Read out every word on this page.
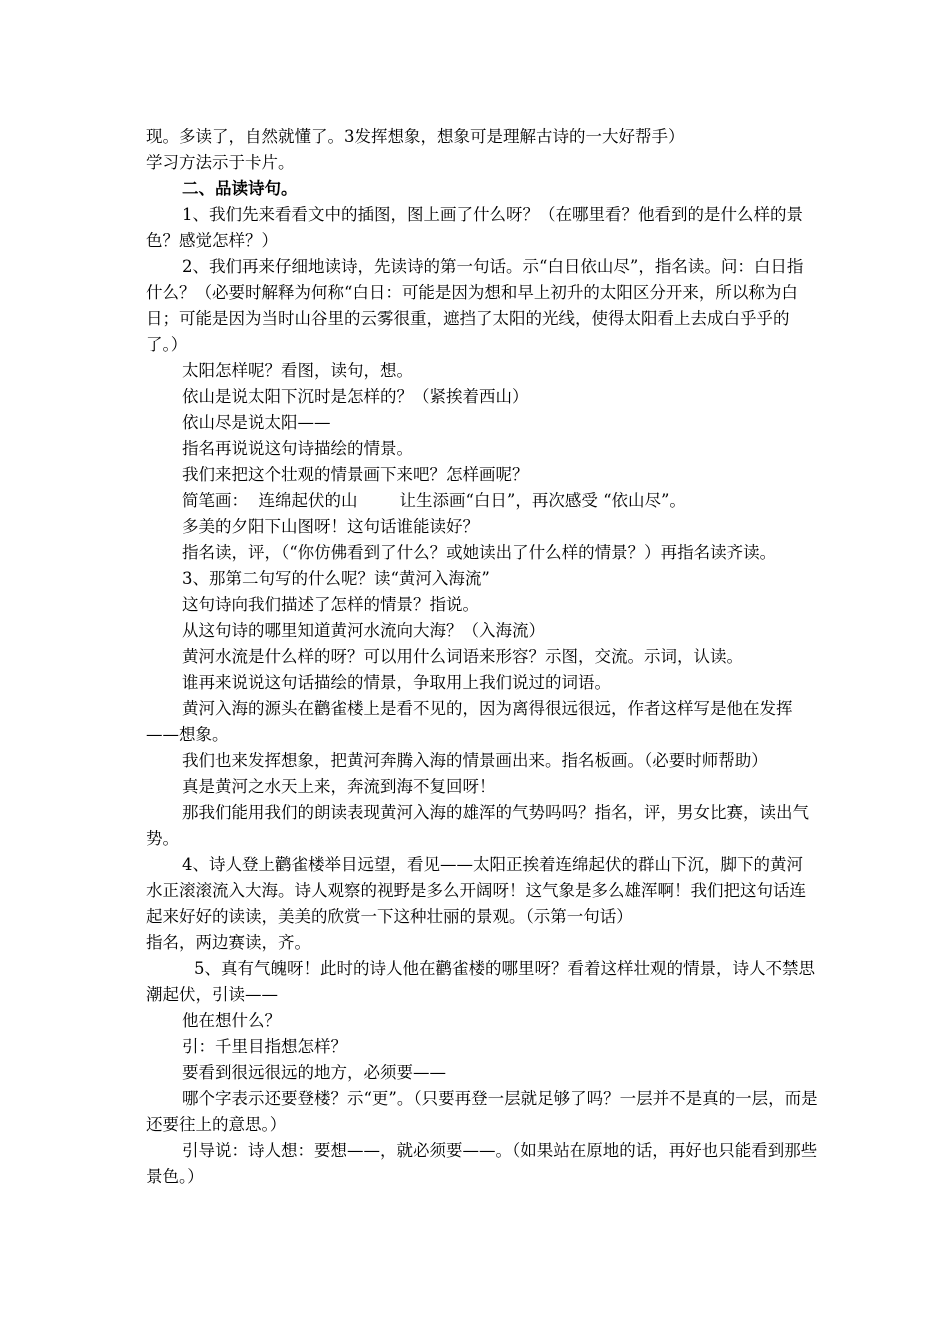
现。多读了，自然就懂了。3发挥想象，想象可是理解古诗的一大好帮手）

学习方法示于卡片。

二、品读诗句。

1、我们先来看看文中的插图，图上画了什么呀？（在哪里看？他看到的是什么样的景色？感觉怎样？）

2、我们再来仔细地读诗，先读诗的第一句话。示“白日依山尽”，指名读。问：白日指什么？（必要时解释为何称“白日：可能是因为想和早上初升的太阳区分开来，所以称为白日；可能是因为当时山谷里的云雾很重，遮挡了太阳的光线，使得太阳看上去成白乎乎的了。）

太阳怎样呢？看图，读句，想。

依山是说太阳下沉时是怎样的？（紧挨着西山）

依山尽是说太阳——

指名再说说这句诗描绘的情景。

我们来把这个壮观的情景画下来吧？怎样画呢？

简笔画：  连绵起伏的山        让生添画“白日”，再次感受 “依山尽”。

多美的夕阳下山图呀！这句话谁能读好？

指名读，评，（“你仿佛看到了什么？或她读出了什么样的情景？）再指名读齐读。

3、那第二句写的什么呢？读“黄河入海流”

这句诗向我们描述了怎样的情景？指说。

从这句诗的哪里知道黄河水流向大海？（入海流）

黄河水流是什么样的呀？可以用什么词语来形容？示图，交流。示词，认读。

谁再来说说这句话描绘的情景，争取用上我们说过的词语。

黄河入海的源头在鹳雀楼上是看不见的，因为离得很远很远，作者这样写是他在发挥——想象。

我们也来发挥想象，把黄河奔腾入海的情景画出来。指名板画。（必要时师帮助）

真是黄河之水天上来，奔流到海不复回呀！

那我们能用我们的朗读表现黄河入海的雄浑的气势吗吗？指名，评，男女比赛，读出气势。

4、诗人登上鹳雀楼举目远望，看见——太阳正挨着连绵起伏的群山下沉，脚下的黄河水正滚滚流入大海。诗人观察的视野是多么开阔呀！这气象是多么雄浑啊！我们把这句话连起来好好的读读，美美的欣赏一下这种壮丽的景观。（示第一句话）

指名，两边赛读，齐。

5、真有气魄呀！此时的诗人他在鹳雀楼的哪里呀？看着这样壮观的情景，诗人不禁思潮起伏，引读——

他在想什么？

引：千里目指想怎样？

要看到很远很远的地方，必须要——

哪个字表示还要登楼？示“更”。（只要再登一层就足够了吗？一层并不是真的一层，而是还要往上的意思。）

引导说：诗人想：要想——，就必须要——。（如果站在原地的话，再好也只能看到那些景色。）
